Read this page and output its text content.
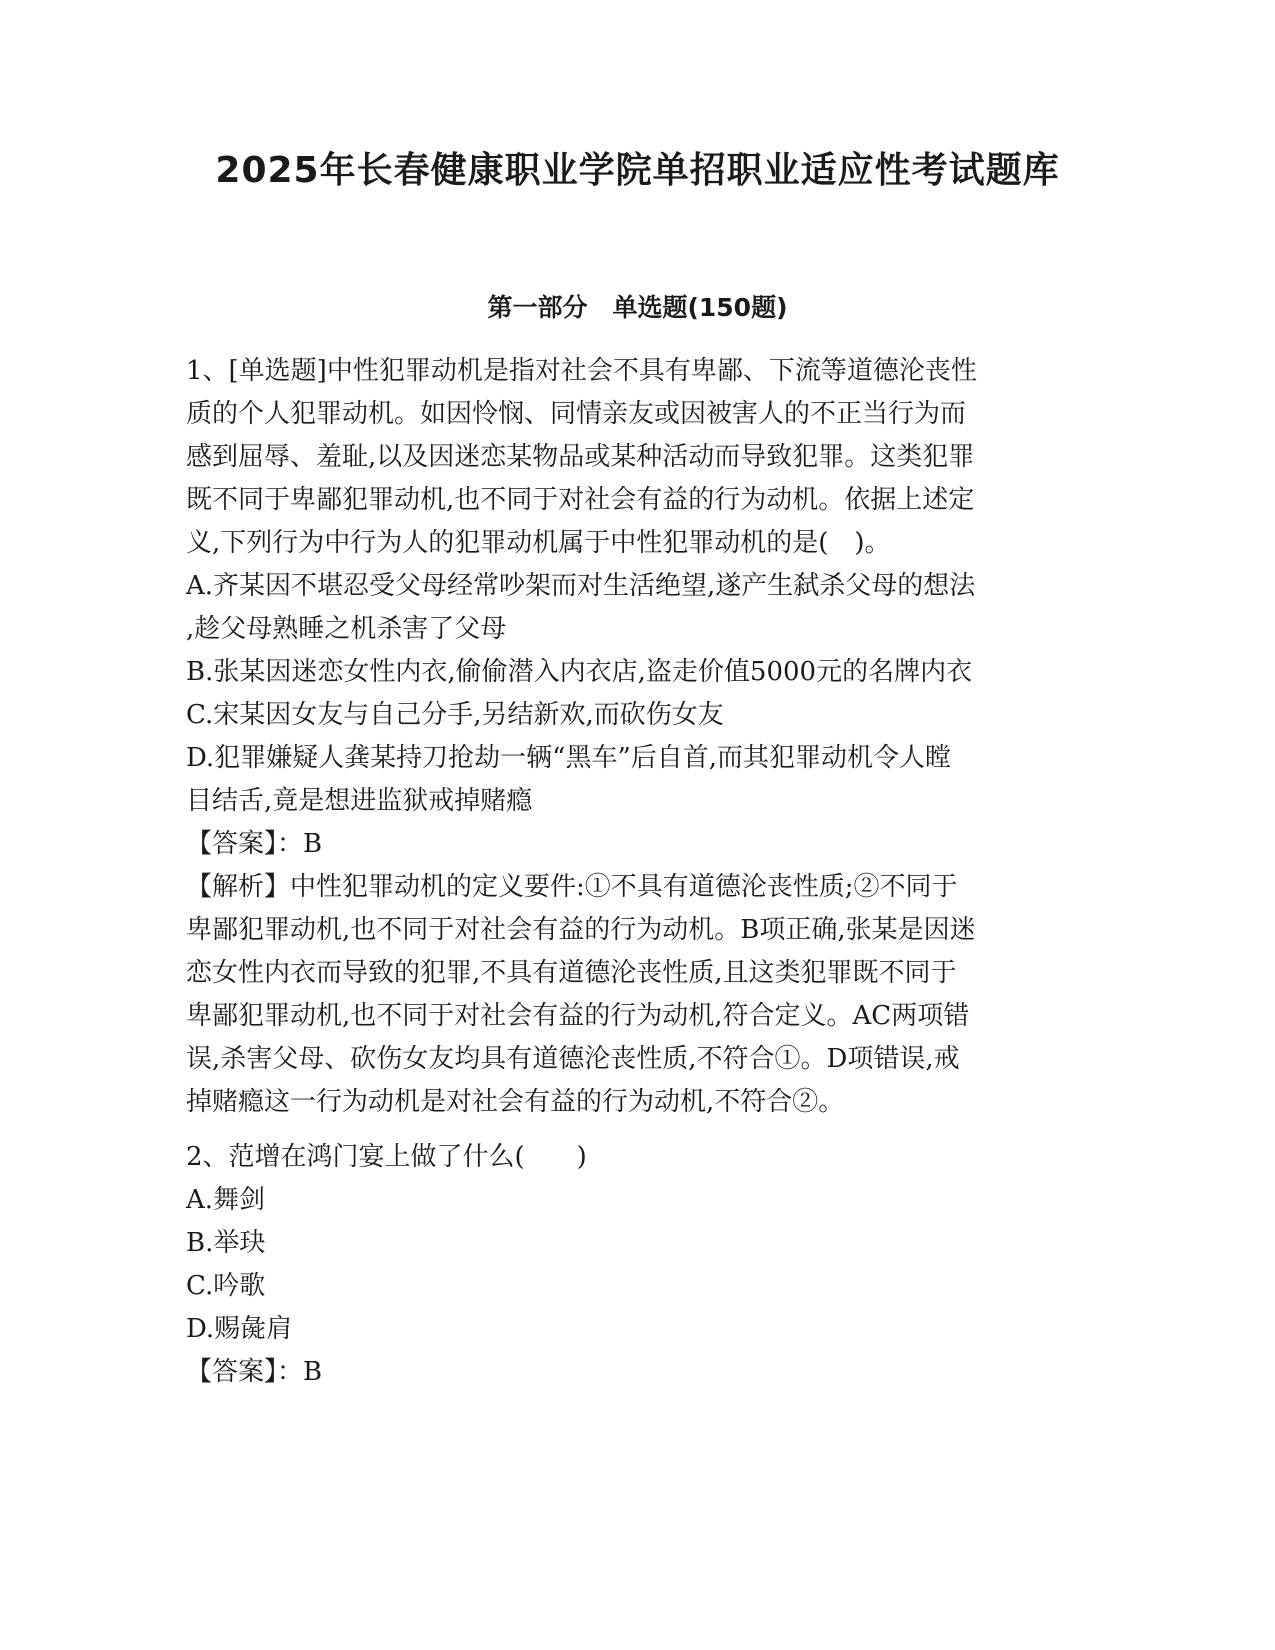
2025年长春健康职业学院单招职业适应性考试题库
第一部分　单选题(150题)
1、[单选题]中性犯罪动机是指对社会不具有卑鄙、下流等道德沦丧性
质的个人犯罪动机。如因怜悯、同情亲友或因被害人的不正当行为而
感到屈辱、羞耻,以及因迷恋某物品或某种活动而导致犯罪。这类犯罪
既不同于卑鄙犯罪动机,也不同于对社会有益的行为动机。依据上述定
义,下列行为中行为人的犯罪动机属于中性犯罪动机的是(　)。
A.齐某因不堪忍受父母经常吵架而对生活绝望,遂产生弑杀父母的想法
,趁父母熟睡之机杀害了父母
B.张某因迷恋女性内衣,偷偷潜入内衣店,盗走价值5000元的名牌内衣
C.宋某因女友与自己分手,另结新欢,而砍伤女友
D.犯罪嫌疑人龚某持刀抢劫一辆“黑车”后自首,而其犯罪动机令人瞠
目结舌,竟是想进监狱戒掉赌瘾
【答案】：B
【解析】中性犯罪动机的定义要件:①不具有道德沦丧性质;②不同于
卑鄙犯罪动机,也不同于对社会有益的行为动机。B项正确,张某是因迷
恋女性内衣而导致的犯罪,不具有道德沦丧性质,且这类犯罪既不同于
卑鄙犯罪动机,也不同于对社会有益的行为动机,符合定义。AC两项错
误,杀害父母、砍伤女友均具有道德沦丧性质,不符合①。D项错误,戒
掉赌瘾这一行为动机是对社会有益的行为动机,不符合②。
2、范增在鸿门宴上做了什么(　　)
A.舞剑
B.举玦
C.吟歌
D.赐彘肩
【答案】：B
